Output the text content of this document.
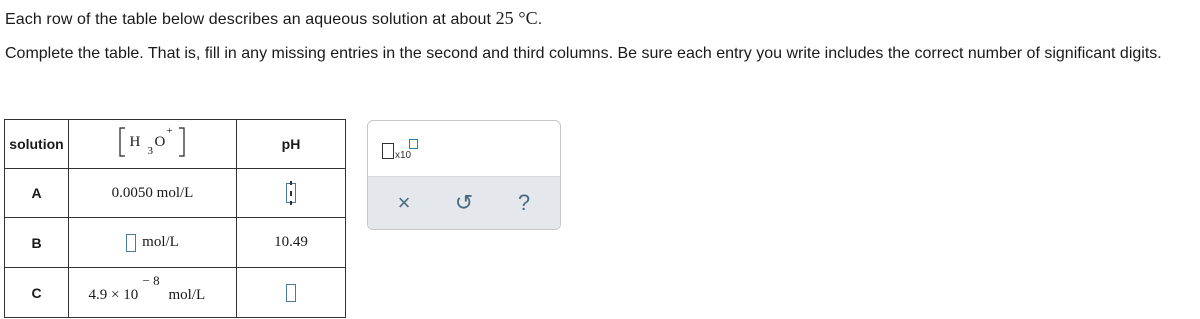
Each row of the table below describes an aqueous solution at about 25 °C.
Complete the table. That is, fill in any missing entries in the second and third columns. Be sure each entry you write includes the correct number of significant digits.
solution	H
3
O
+	pH
A	0.0050 mol/L	

B	mol/L	10.49
C	4.9 × 10
− 8
mol/L	

x10
×	↺	?
